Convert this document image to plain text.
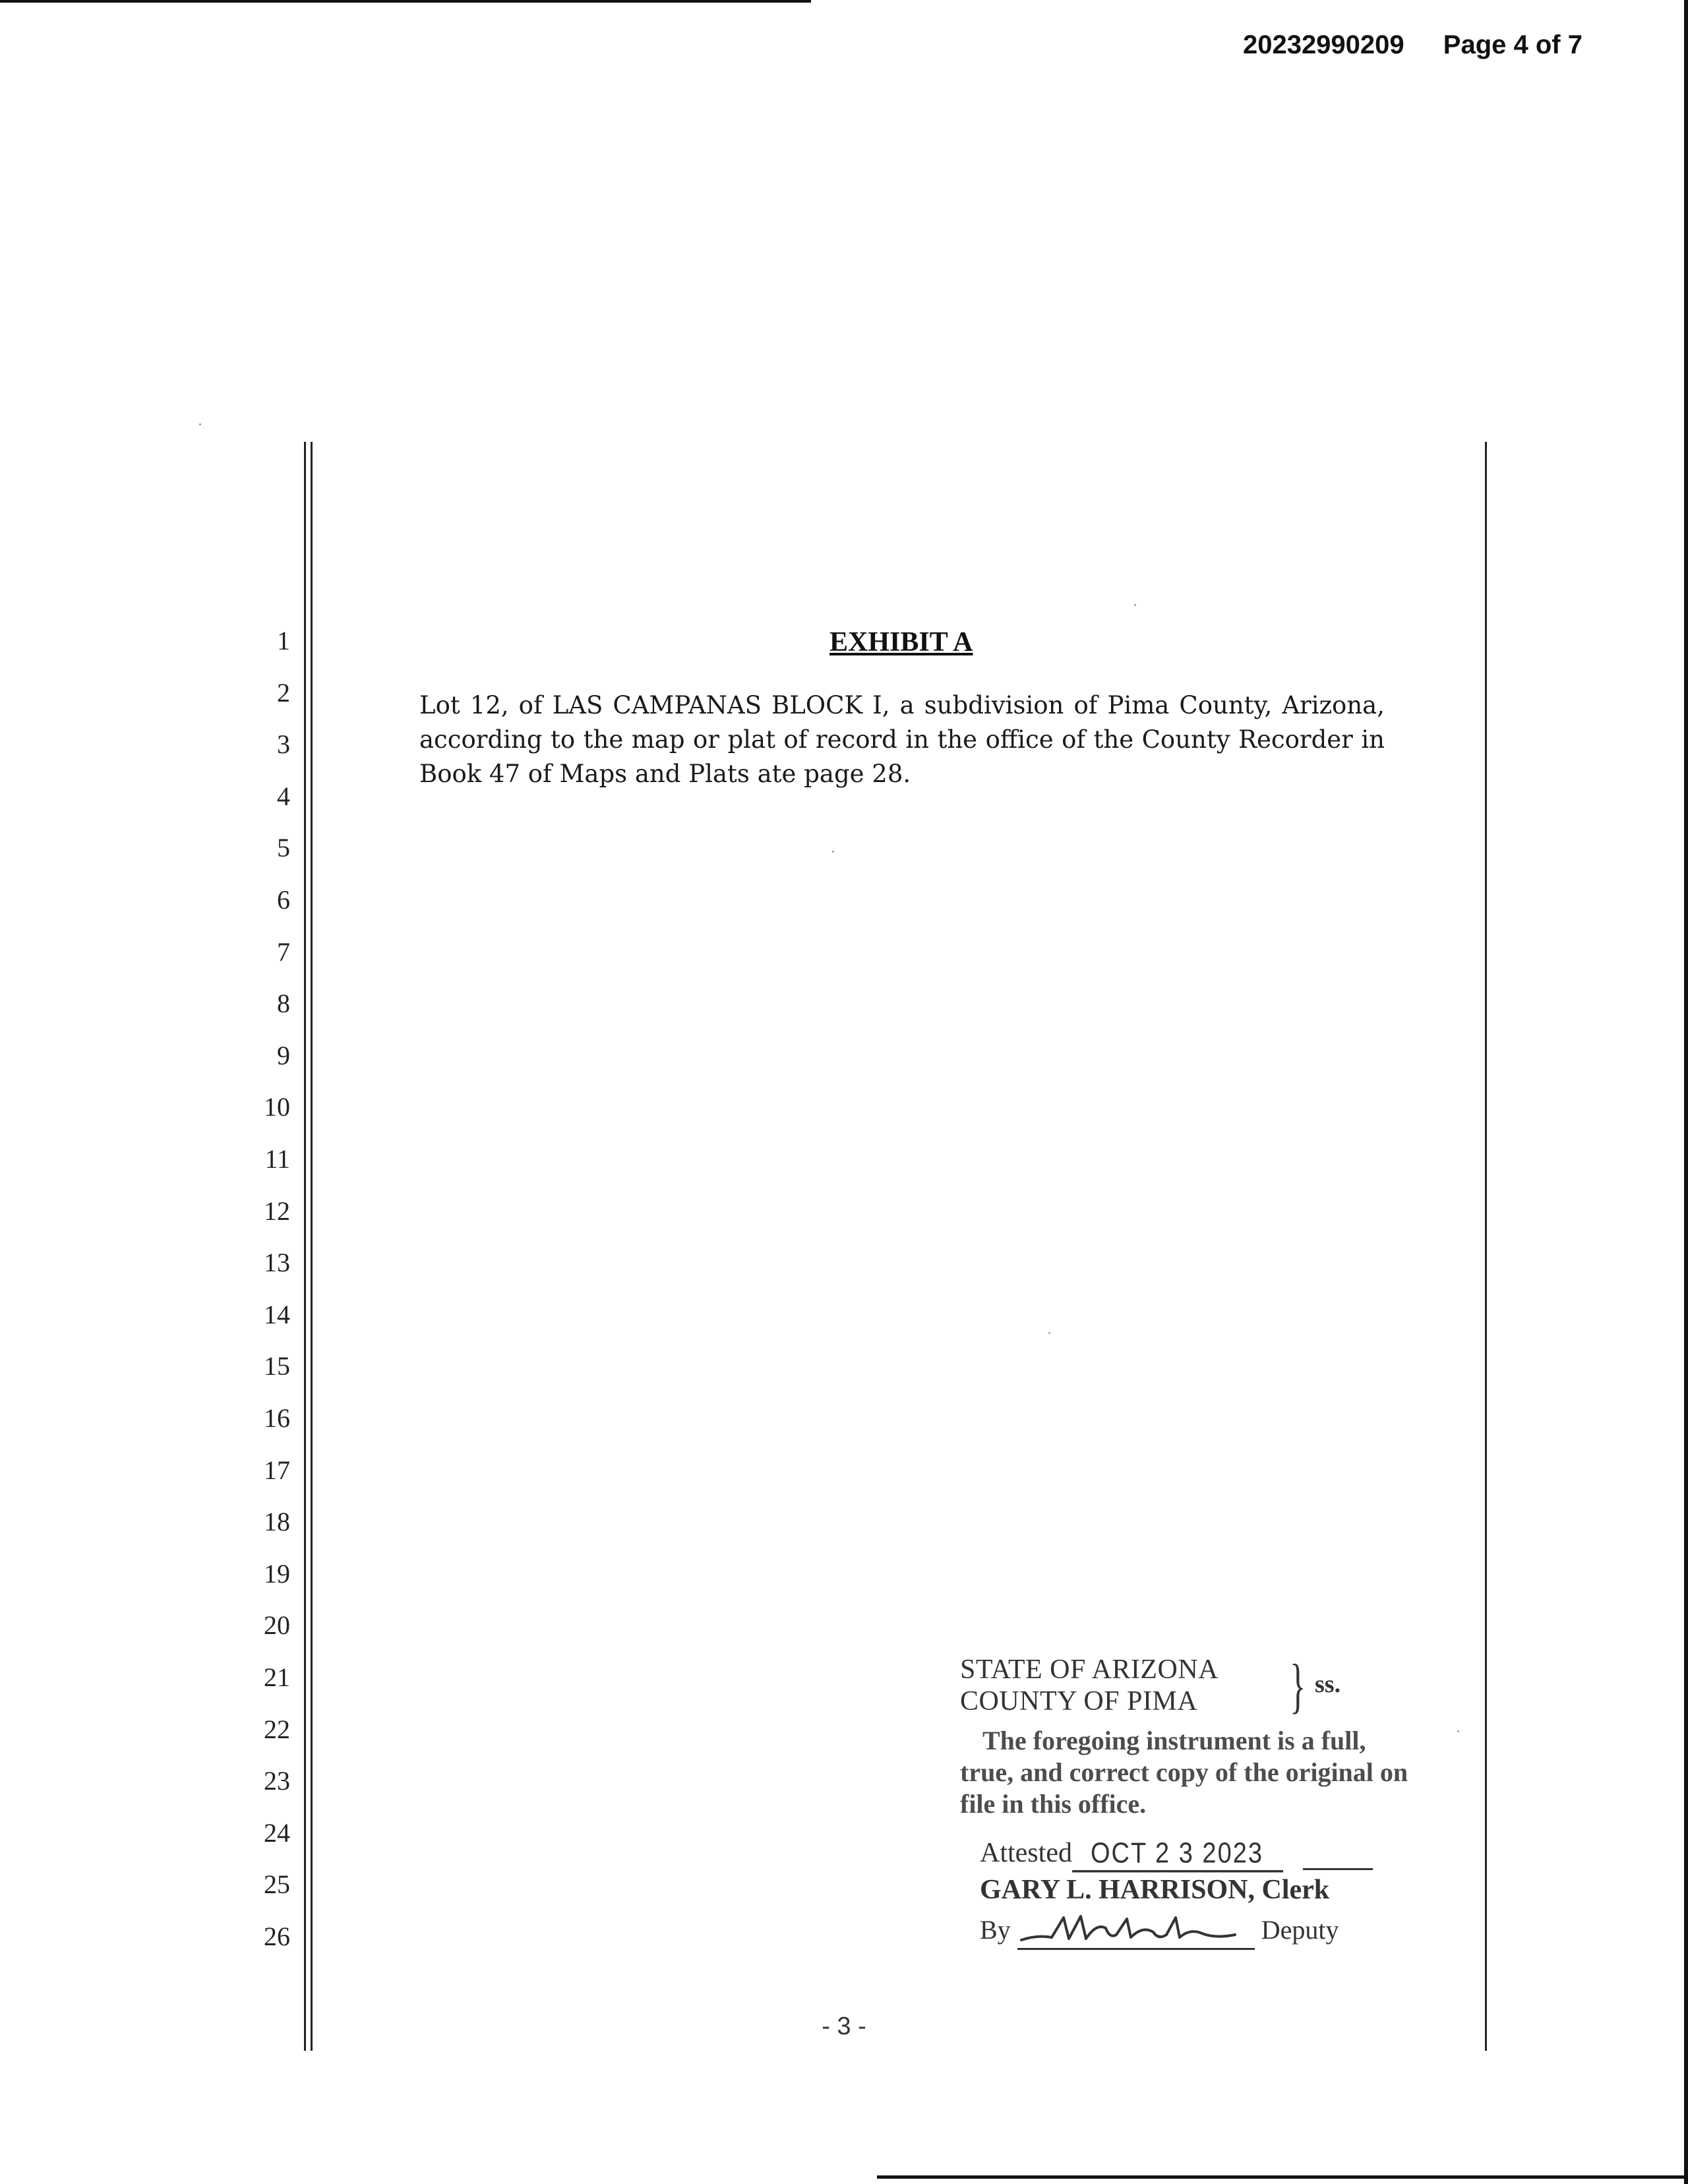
20232990209 Page 4 of 7
1
2
3
4
5
6
7
8
9
10
11
12
13
14
15
16
17
18
19
20
21
22
23
24
25
26
EXHIBIT A
Lot 12, of LAS CAMPANAS BLOCK I, a subdivision of Pima County, Arizona, according to the map or plat of record in the office of the County Recorder in Book 47 of Maps and Plats ate page 28.
STATE OF ARIZONA
COUNTY OF PIMA	} ss.
The foregoing instrument is a full, true, and correct copy of the original on file in this office.
Attested OCT 2 3 2023
GARY L. HARRISON, Clerk
By	Deputy
- 3 -
